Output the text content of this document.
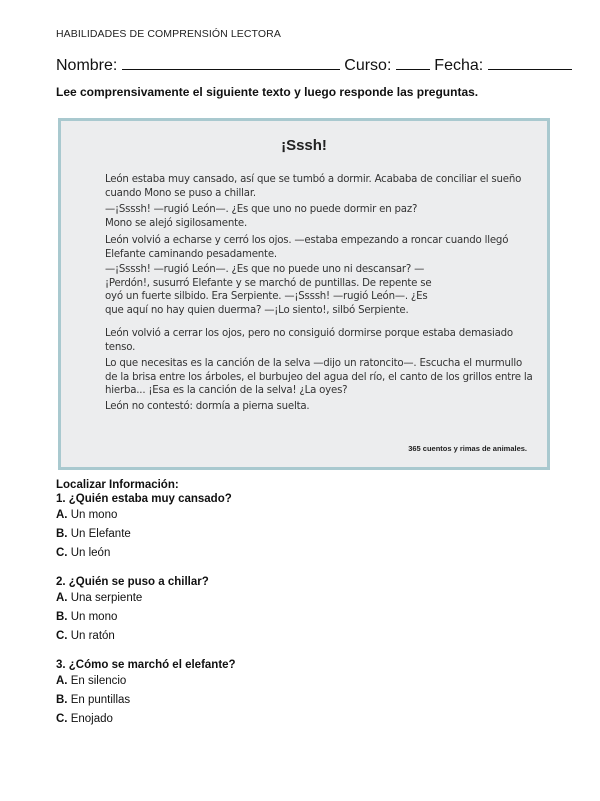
HABILIDADES DE COMPRENSIÓN LECTORA
Nombre:	Curso:	Fecha:
Lee comprensivamente el siguiente texto y luego responde las preguntas.
¡Sssh!
León estaba muy cansado, así que se tumbó a dormir. Acababa de conciliar el sueño cuando Mono se puso a chillar.
—¡Ssssh! —rugió León—. ¿Es que uno no puede dormir en paz? Mono se alejó sigilosamente.
León volvió a echarse y cerró los ojos. —estaba empezando a roncar cuando llegó Elefante caminando pesadamente.
—¡Ssssh! —rugió León—. ¿Es que no puede uno ni descansar? —¡Perdón!, susurró Elefante y se marchó de puntillas. De repente se oyó un fuerte silbido. Era Serpiente. —¡Ssssh! —rugió León—. ¿Es que aquí no hay quien duerma? —¡Lo siento!, silbó Serpiente.
León volvió a cerrar los ojos, pero no consiguió dormirse porque estaba demasiado tenso.
Lo que necesitas es la canción de la selva —dijo un ratoncito—. Escucha el murmullo de la brisa entre los árboles, el burbujeo del agua del río, el canto de los grillos entre la hierba... ¡Esa es la canción de la selva! ¿La oyes?
León no contestó: dormía a pierna suelta.
365 cuentos y rimas de animales.
Localizar Información:
1. ¿Quién estaba muy cansado?
A. Un mono
B. Un Elefante
C. Un león
2. ¿Quién se puso a chillar?
A. Una serpiente
B. Un mono
C. Un ratón
3. ¿Cómo se marchó el elefante?
A. En silencio
B. En puntillas
C. Enojado
